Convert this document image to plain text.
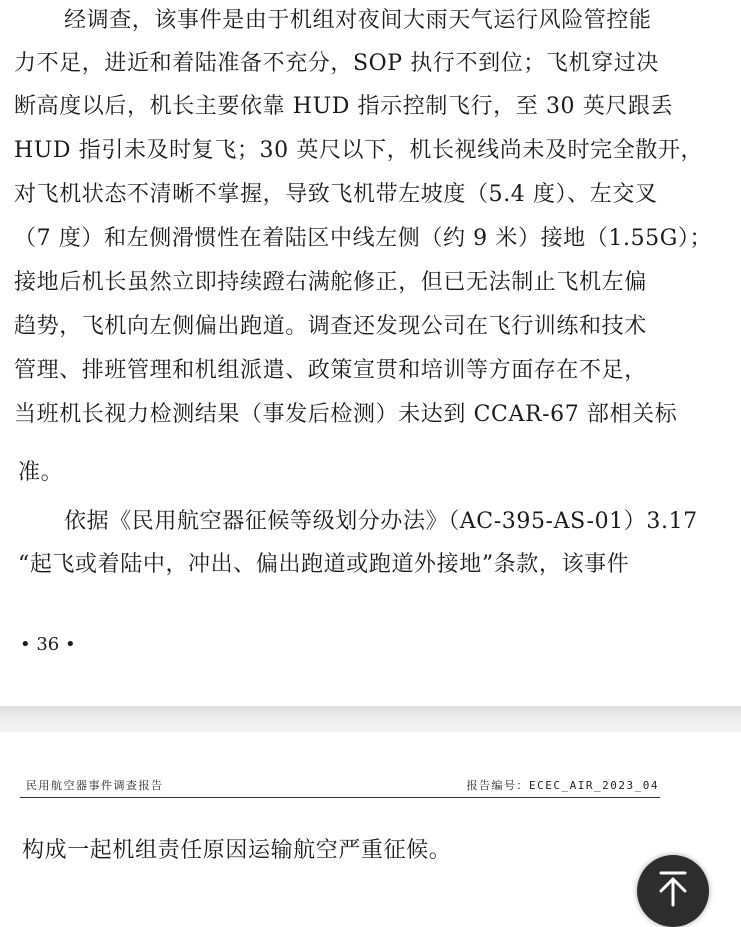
经调查，该事件是由于机组对夜间大雨天气运行风险管控能
力不足，进近和着陆准备不充分，SOP 执行不到位；飞机穿过决
断高度以后，机长主要依靠 HUD 指示控制飞行，至 30 英尺跟丢
HUD 指引未及时复飞；30 英尺以下，机长视线尚未及时完全散开，
对飞机状态不清晰不掌握，导致飞机带左坡度（5.4 度）、左交叉
（7 度）和左侧滑惯性在着陆区中线左侧（约 9 米）接地（1.55G）；
接地后机长虽然立即持续蹬右满舵修正，但已无法制止飞机左偏
趋势，飞机向左侧偏出跑道。调查还发现公司在飞行训练和技术
管理、排班管理和机组派遣、政策宣贯和培训等方面存在不足，
当班机长视力检测结果（事发后检测）未达到 CCAR-67 部相关标
准。
依据《民用航空器征候等级划分办法》（AC-395-AS-01）3.17
“起飞或着陆中，冲出、偏出跑道或跑道外接地”条款，该事件
• 36 •
民用航空器事件调查报告	报告编号：ECEC_AIR_2023_04
构成一起机组责任原因运输航空严重征候。
